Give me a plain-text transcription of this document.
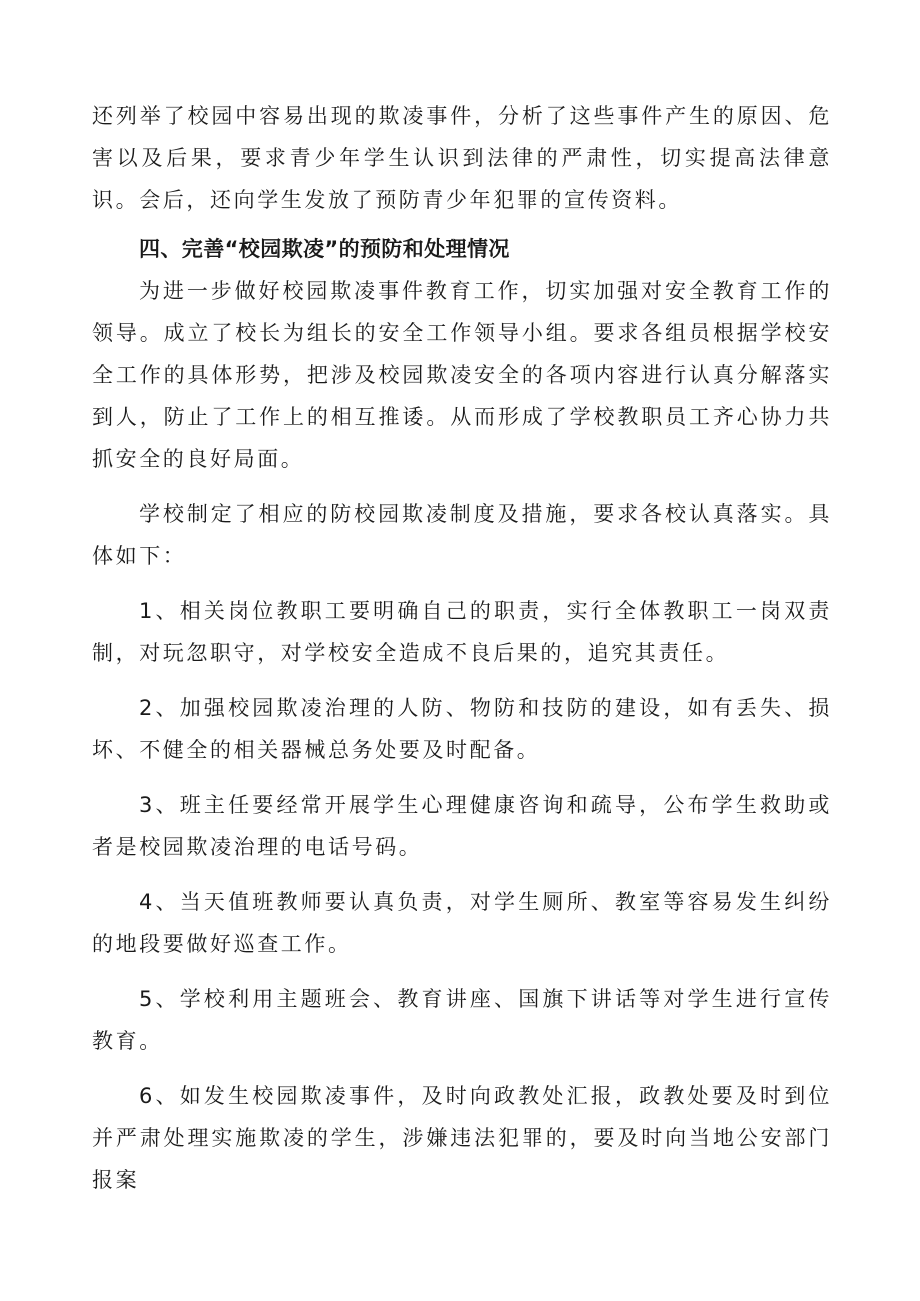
还列举了校园中容易出现的欺凌事件，分析了这些事件产生的原因、危害以及后果，要求青少年学生认识到法律的严肃性，切实提高法律意识。会后，还向学生发放了预防青少年犯罪的宣传资料。

四、完善“校园欺凌”的预防和处理情况

为进一步做好校园欺凌事件教育工作，切实加强对安全教育工作的领导。成立了校长为组长的安全工作领导小组。要求各组员根据学校安全工作的具体形势，把涉及校园欺凌安全的各项内容进行认真分解落实到人，防止了工作上的相互推诿。从而形成了学校教职员工齐心协力共抓安全的良好局面。

学校制定了相应的防校园欺凌制度及措施，要求各校认真落实。具体如下：

1、相关岗位教职工要明确自己的职责，实行全体教职工一岗双责制，对玩忽职守，对学校安全造成不良后果的，追究其责任。

2、加强校园欺凌治理的人防、物防和技防的建设，如有丢失、损坏、不健全的相关器械总务处要及时配备。

3、班主任要经常开展学生心理健康咨询和疏导，公布学生救助或者是校园欺凌治理的电话号码。

4、当天值班教师要认真负责，对学生厕所、教室等容易发生纠纷的地段要做好巡查工作。

5、学校利用主题班会、教育讲座、国旗下讲话等对学生进行宣传教育。

6、如发生校园欺凌事件，及时向政教处汇报，政教处要及时到位并严肃处理实施欺凌的学生，涉嫌违法犯罪的，要及时向当地公安部门报案
